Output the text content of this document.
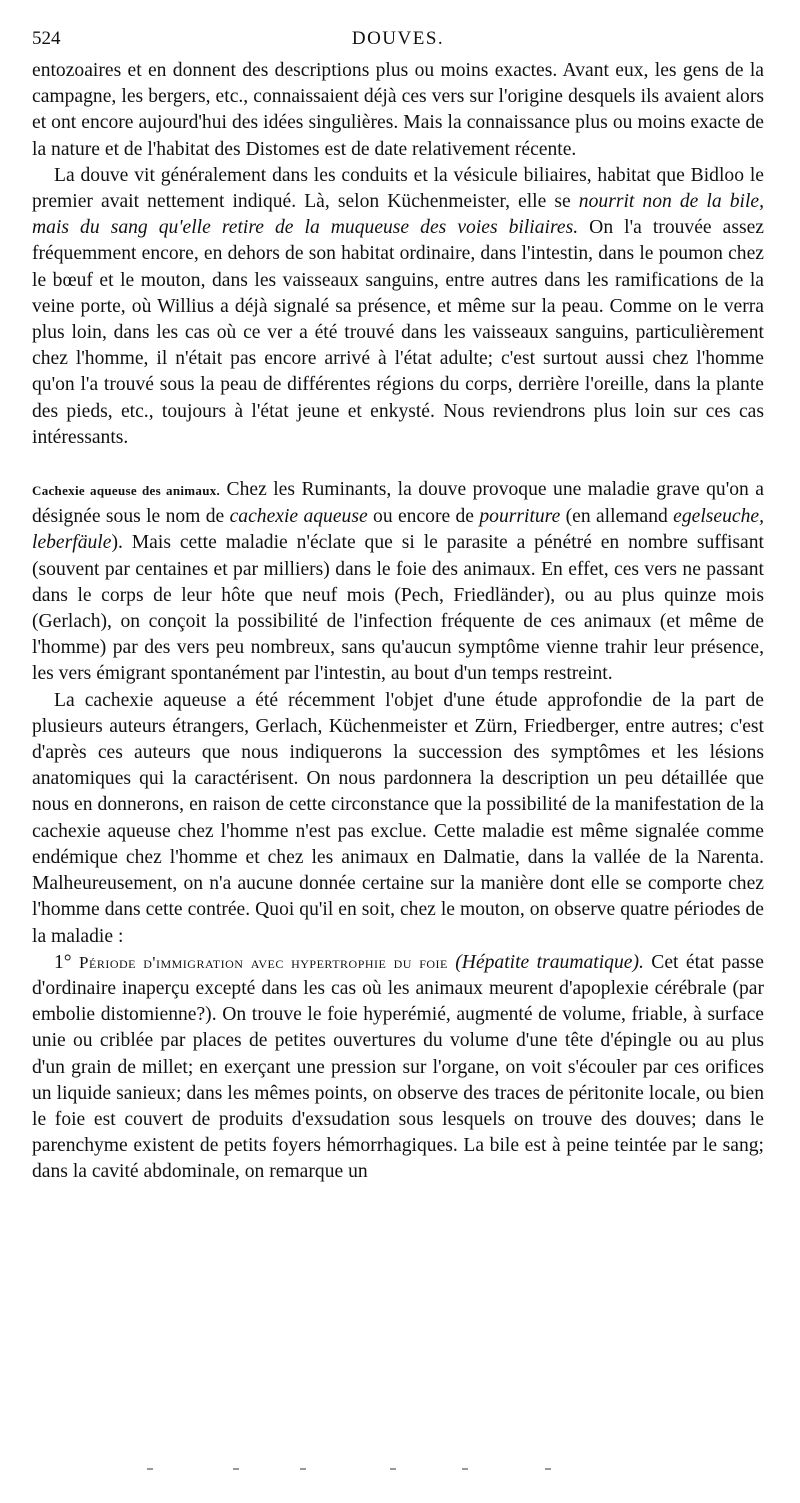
524	DOUVES.

entozoaires et en donnent des descriptions plus ou moins exactes. Avant eux, les gens de la campagne, les bergers, etc., connaissaient déjà ces vers sur l'origine desquels ils avaient alors et ont encore aujourd'hui des idées singulières. Mais la connaissance plus ou moins exacte de la nature et de l'habitat des Distomes est de date relativement récente.

La douve vit généralement dans les conduits et la vésicule biliaires, habitat que Bidloo le premier avait nettement indiqué. Là, selon Küchenmeister, elle se nourrit non de la bile, mais du sang qu'elle retire de la muqueuse des voies biliaires. On l'a trouvée assez fréquemment encore, en dehors de son habitat ordinaire, dans l'intestin, dans le poumon chez le bœuf et le mouton, dans les vaisseaux sanguins, entre autres dans les ramifications de la veine porte, où Willius a déjà signalé sa présence, et même sur la peau. Comme on le verra plus loin, dans les cas où ce ver a été trouvé dans les vaisseaux sanguins, particulièrement chez l'homme, il n'était pas encore arrivé à l'état adulte; c'est surtout aussi chez l'homme qu'on l'a trouvé sous la peau de différentes régions du corps, derrière l'oreille, dans la plante des pieds, etc., toujours à l'état jeune et enkysté. Nous reviendrons plus loin sur ces cas intéressants.

Cachexie aqueuse des animaux. Chez les Ruminants, la douve provoque une maladie grave qu'on a désignée sous le nom de cachexie aqueuse ou encore de pourriture (en allemand egelseuche, leberfäule). Mais cette maladie n'éclate que si le parasite a pénétré en nombre suffisant (souvent par centaines et par milliers) dans le foie des animaux. En effet, ces vers ne passant dans le corps de leur hôte que neuf mois (Pech, Friedländer), ou au plus quinze mois (Gerlach), on conçoit la possibilité de l'infection fréquente de ces animaux (et même de l'homme) par des vers peu nombreux, sans qu'aucun symptôme vienne trahir leur présence, les vers émigrant spontanément par l'intestin, au bout d'un temps restreint.

La cachexie aqueuse a été récemment l'objet d'une étude approfondie de la part de plusieurs auteurs étrangers, Gerlach, Küchenmeister et Zürn, Friedberger, entre autres; c'est d'après ces auteurs que nous indiquerons la succession des symptômes et les lésions anatomiques qui la caractérisent. On nous pardonnera la description un peu détaillée que nous en donnerons, en raison de cette circonstance que la possibilité de la manifestation de la cachexie aqueuse chez l'homme n'est pas exclue. Cette maladie est même signalée comme endémique chez l'homme et chez les animaux en Dalmatie, dans la vallée de la Narenta. Malheureusement, on n'a aucune donnée certaine sur la manière dont elle se comporte chez l'homme dans cette contrée. Quoi qu'il en soit, chez le mouton, on observe quatre périodes de la maladie :

1° Période d'immigration avec hypertrophie du foie (Hépatite traumatique). Cet état passe d'ordinaire inaperçu excepté dans les cas où les animaux meurent d'apoplexie cérébrale (par embolie distomienne?). On trouve le foie hyperémié, augmenté de volume, friable, à surface unie ou criblée par places de petites ouvertures du volume d'une tête d'épingle ou au plus d'un grain de millet; en exerçant une pression sur l'organe, on voit s'écouler par ces orifices un liquide sanieux; dans les mêmes points, on observe des traces de péritonite locale, ou bien le foie est couvert de produits d'exsudation sous lesquels on trouve des douves; dans le parenchyme existent de petits foyers hémorrhagiques. La bile est à peine teintée par le sang; dans la cavité abdominale, on remarque un
